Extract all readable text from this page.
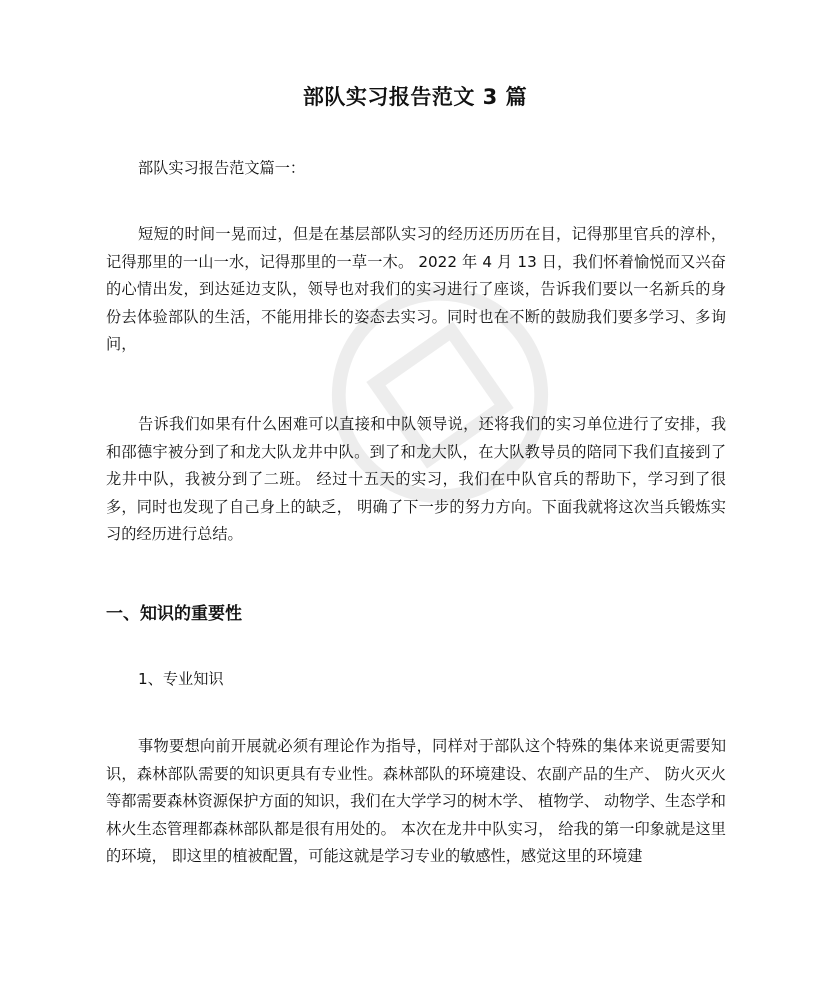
部队实习报告范文 3 篇
部队实习报告范文篇一：
短短的时间一晃而过，但是在基层部队实习的经历还历历在目，记得那里官兵的淳朴，记得那里的一山一水，记得那里的一草一木。 2022 年 4 月 13 日，我们怀着愉悦而又兴奋的心情出发，到达延边支队，领导也对我们的实习进行了座谈，告诉我们要以一名新兵的身份去体验部队的生活，不能用排长的姿态去实习。同时也在不断的鼓励我们要多学习、多询问，
告诉我们如果有什么困难可以直接和中队领导说，还将我们的实习单位进行了安排，我和邵德宇被分到了和龙大队龙井中队。到了和龙大队，在大队教导员的陪同下我们直接到了龙井中队，我被分到了二班。 经过十五天的实习，我们在中队官兵的帮助下，学习到了很多，同时也发现了自己身上的缺乏， 明确了下一步的努力方向。下面我就将这次当兵锻炼实习的经历进行总结。
一、知识的重要性
1、专业知识
事物要想向前开展就必须有理论作为指导，同样对于部队这个特殊的集体来说更需要知识，森林部队需要的知识更具有专业性。森林部队的环境建设、农副产品的生产、 防火灭火等都需要森林资源保护方面的知识，我们在大学学习的树木学、 植物学、 动物学、生态学和林火生态管理都森林部队都是很有用处的。 本次在龙井中队实习， 给我的第一印象就是这里的环境， 即这里的植被配置，可能这就是学习专业的敏感性，感觉这里的环境建
